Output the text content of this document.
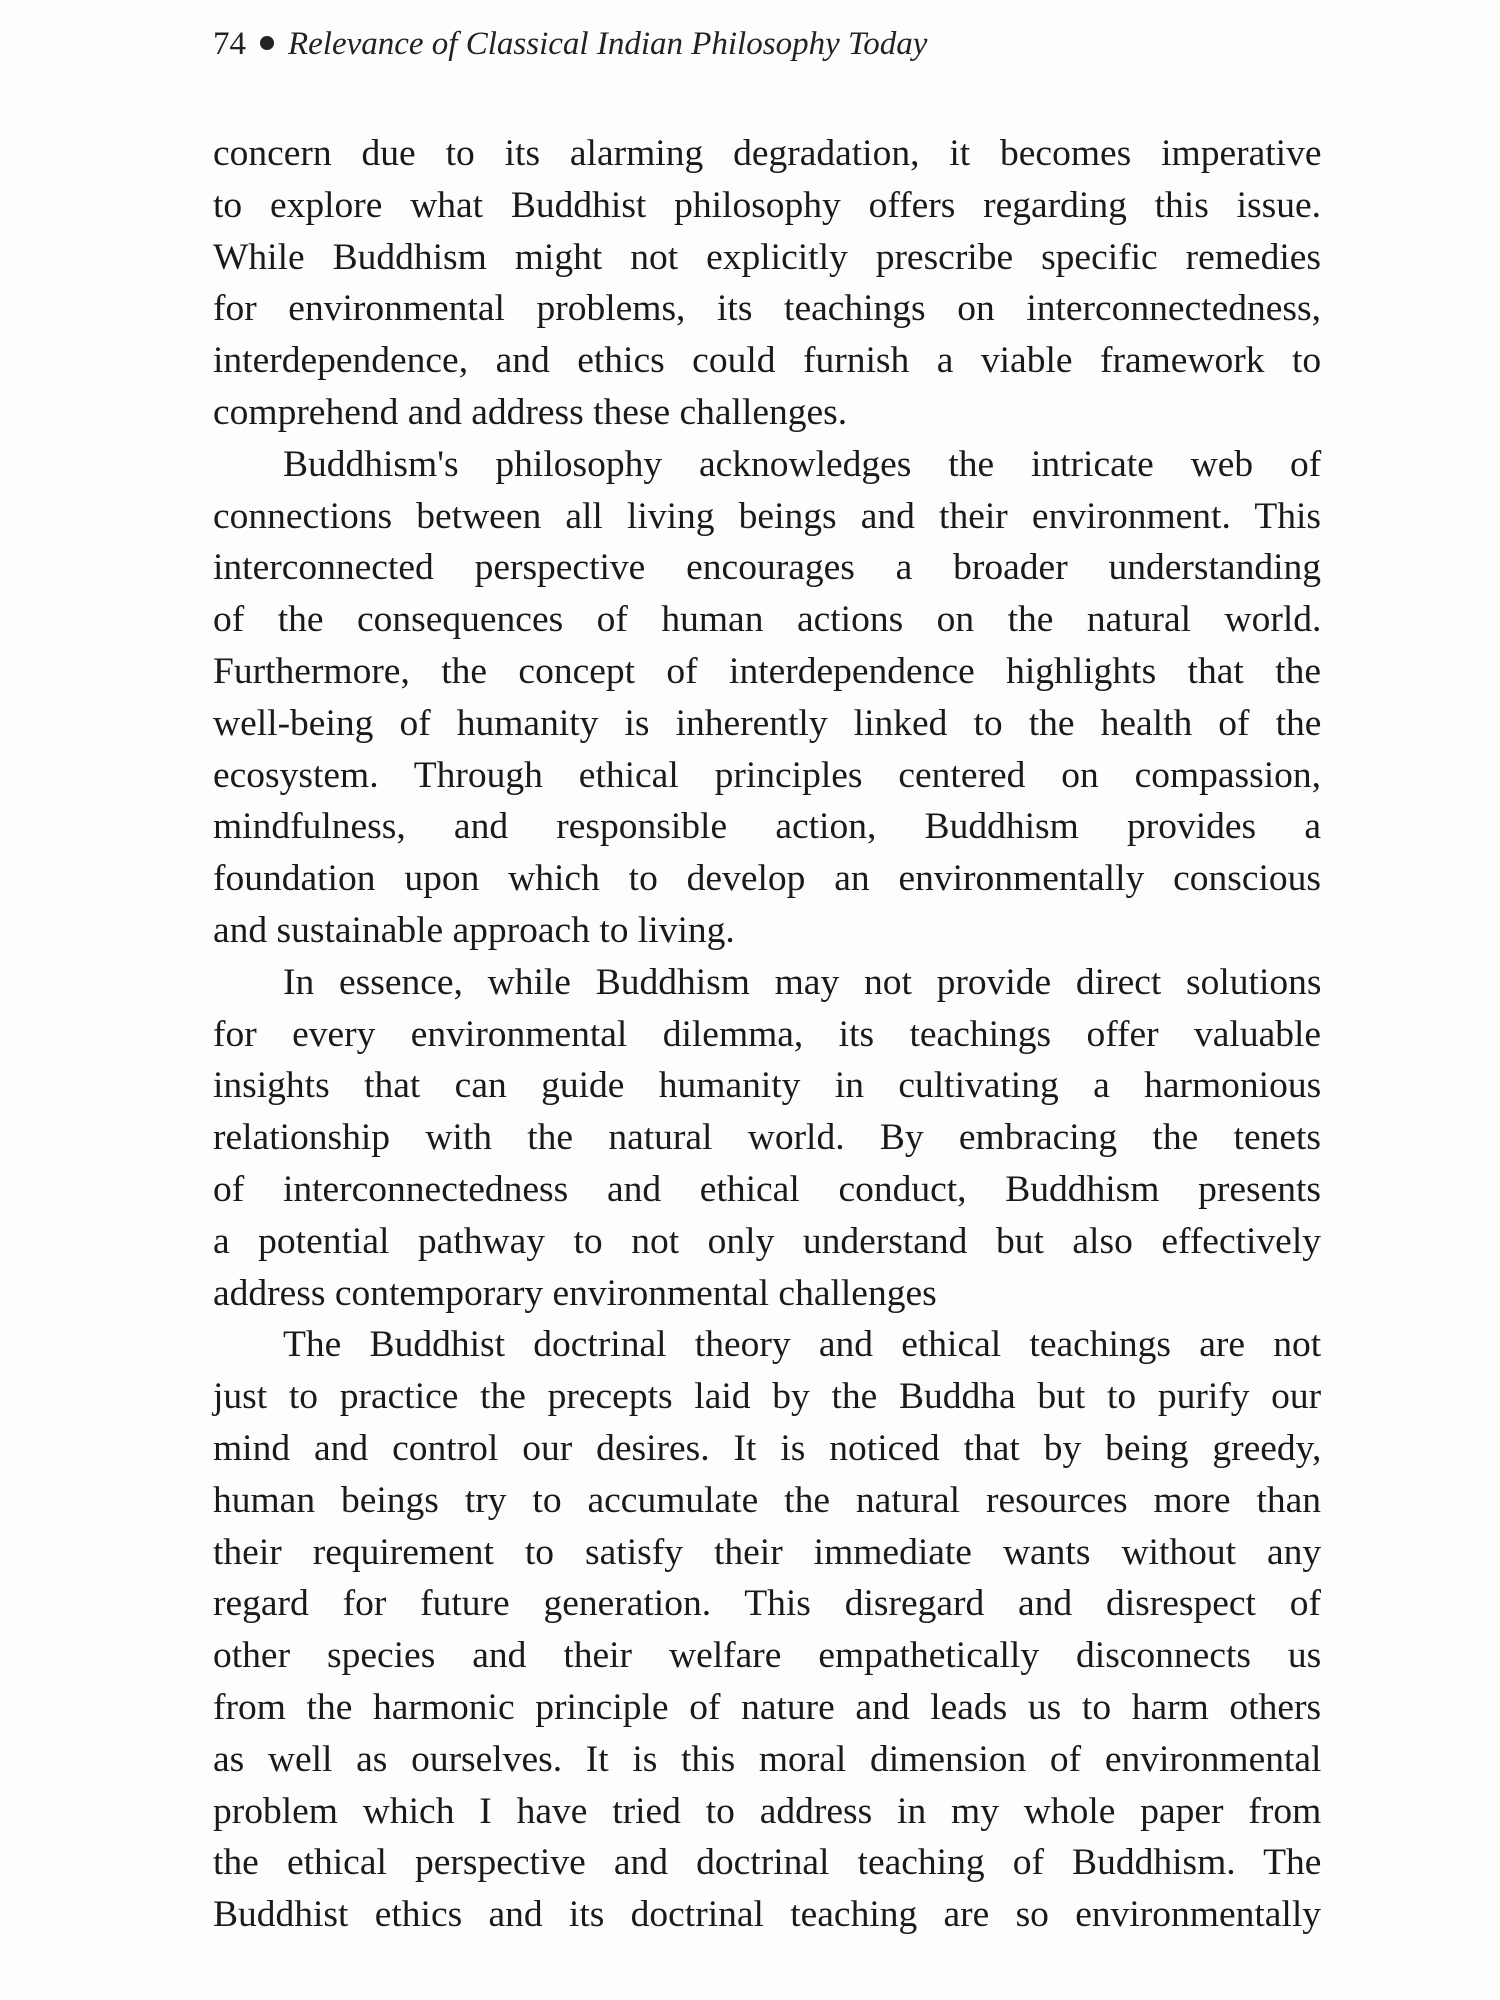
74 Relevance of Classical Indian Philosophy Today

concern due to its alarming degradation, it becomes imperative
to explore what Buddhist philosophy offers regarding this issue.
While Buddhism might not explicitly prescribe specific remedies
for environmental problems, its teachings on interconnectedness,
interdependence, and ethics could furnish a viable framework to
comprehend and address these challenges.

Buddhism's philosophy acknowledges the intricate web of
connections between all living beings and their environment. This
interconnected perspective encourages a broader understanding
of the consequences of human actions on the natural world.
Furthermore, the concept of interdependence highlights that the
well-being of humanity is inherently linked to the health of the
ecosystem. Through ethical principles centered on compassion,
mindfulness, and responsible action, Buddhism provides a
foundation upon which to develop an environmentally conscious
and sustainable approach to living.

In essence, while Buddhism may not provide direct solutions
for every environmental dilemma, its teachings offer valuable
insights that can guide humanity in cultivating a harmonious
relationship with the natural world. By embracing the tenets
of interconnectedness and ethical conduct, Buddhism presents
a potential pathway to not only understand but also effectively
address contemporary environmental challenges

The Buddhist doctrinal theory and ethical teachings are not
just to practice the precepts laid by the Buddha but to purify our
mind and control our desires. It is noticed that by being greedy,
human beings try to accumulate the natural resources more than
their requirement to satisfy their immediate wants without any
regard for future generation. This disregard and disrespect of
other species and their welfare empathetically disconnects us
from the harmonic principle of nature and leads us to harm others
as well as ourselves. It is this moral dimension of environmental
problem which I have tried to address in my whole paper from
the ethical perspective and doctrinal teaching of Buddhism. The
Buddhist ethics and its doctrinal teaching are so environmentally
